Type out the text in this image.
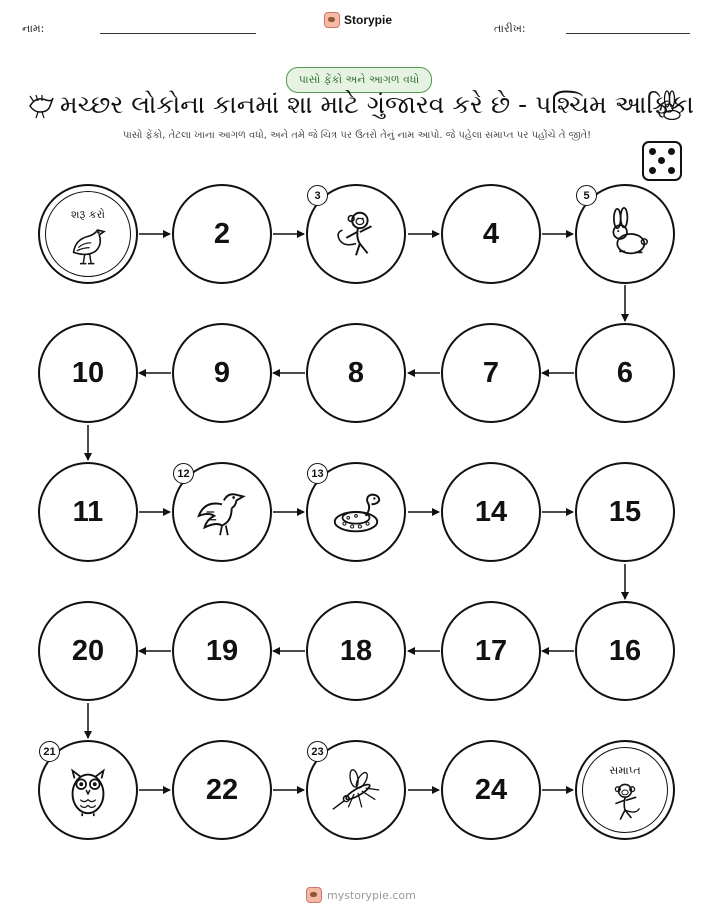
નામ:
Storypie
તારીખ:
પાસો ફેંકો અને આગળ વધો
મચ્છર લોકોના કાનમાં શા માટે ગુંજારવ કરે છે - પશ્ચિમ આફ્રિકા
પાસો ફેંકો, તેટલા ખાના આગળ વધો, અને તમે જે ચિત્ર પર ઉતરો તેનું નામ આપો. જે પહેલા સમાપ્ત પર પહોંચે તે જીતે!
શરૂ કરો
2
3
4
5
10	9	8	7	6
11
12	13
14	15
20	19	18	17	16
21
22
23
24
સમાપ્ત
mystorypie.com
